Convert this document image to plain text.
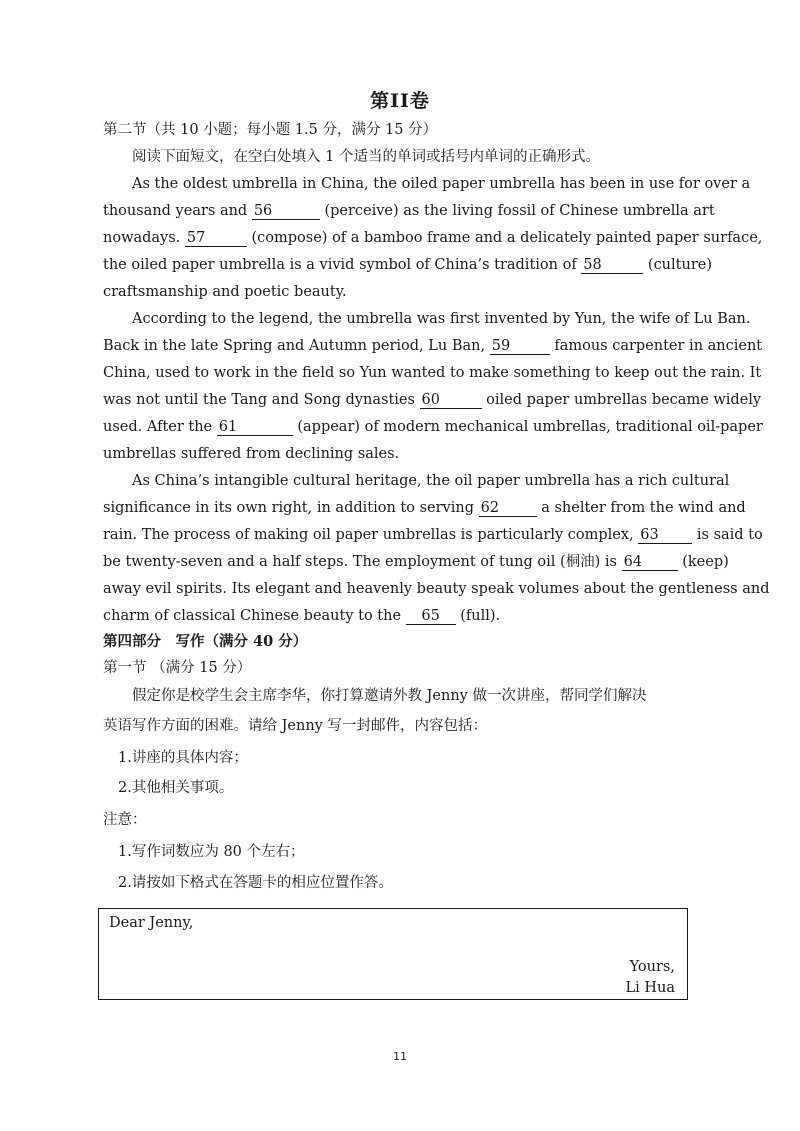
第II卷
第二节（共 10 小题；每小题 1.5 分，满分 15 分）
阅读下面短文，在空白处填入 1 个适当的单词或括号内单词的正确形式。
As the oldest umbrella in China, the oiled paper umbrella has been in use for over a
thousand years and 56	(perceive) as the living fossil of Chinese umbrella art
nowadays. 57	(compose) of a bamboo frame and a delicately painted paper surface,
the oiled paper umbrella is a vivid symbol of China’s tradition of 58	(culture)
craftsmanship and poetic beauty.
According to the legend, the umbrella was first invented by Yun, the wife of Lu Ban.
Back in the late Spring and Autumn period, Lu Ban, 59	famous carpenter in ancient
China, used to work in the field so Yun wanted to make something to keep out the rain. It
was not until the Tang and Song dynasties 60	oiled paper umbrellas became widely
used. After the 61	(appear) of modern mechanical umbrellas, traditional oil-paper
umbrellas suffered from declining sales.
As China’s intangible cultural heritage, the oil paper umbrella has a rich cultural
significance in its own right, in addition to serving 62	a shelter from the wind and
rain. The process of making oil paper umbrellas is particularly complex, 63	is said to
be twenty-seven and a half steps. The employment of tung oil (桐油) is 64	(keep)
away evil spirits. Its elegant and heavenly beauty speak volumes about the gentleness and
charm of classical Chinese beauty to the 65 (full).
第四部分　写作（满分 40 分）
第一节 （满分 15 分）
假定你是校学生会主席李华，你打算邀请外教 Jenny 做一次讲座，帮同学们解决
英语写作方面的困难。请给 Jenny 写一封邮件，内容包括：
1.讲座的具体内容；
2.其他相关事项。
注意：
1.写作词数应为 80 个左右；
2.请按如下格式在答题卡的相应位置作答。
Dear Jenny,
Yours,
Li Hua
11
